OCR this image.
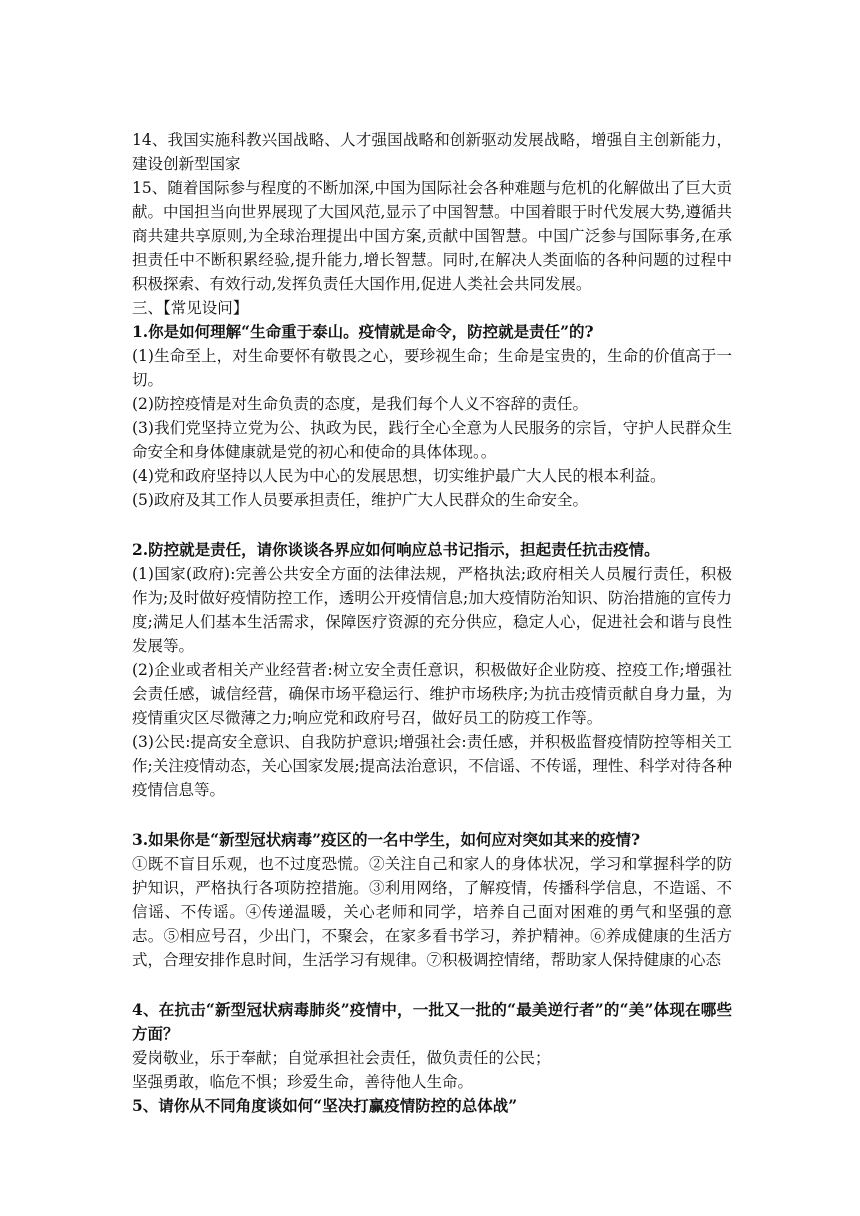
14、我国实施科教兴国战略、人才强国战略和创新驱动发展战略，增强自主创新能力，建设创新型国家

15、随着国际参与程度的不断加深,中国为国际社会各种难题与危机的化解做出了巨大贡献。中国担当向世界展现了大国风范,显示了中国智慧。中国着眼于时代发展大势,遵循共商共建共享原则,为全球治理提出中国方案,贡献中国智慧。中国广泛参与国际事务,在承担责任中不断积累经验,提升能力,增长智慧。同时,在解决人类面临的各种问题的过程中积极探索、有效行动,发挥负责任大国作用,促进人类社会共同发展。

三、【常见设问】

1.你是如何理解“生命重于泰山。疫情就是命令，防控就是责任”的?

(1)生命至上，对生命要怀有敬畏之心，要珍视生命；生命是宝贵的，生命的价值高于一切。

(2)防控疫情是对生命负责的态度，是我们每个人义不容辞的责任。

(3)我们党坚持立党为公、执政为民，践行全心全意为人民服务的宗旨，守护人民群众生命安全和身体健康就是党的初心和使命的具体体现。。

(4)党和政府坚持以人民为中心的发展思想，切实维护最广大人民的根本利益。

(5)政府及其工作人员要承担责任，维护广大人民群众的生命安全。

2.防控就是责任，请你谈谈各界应如何响应总书记指示，担起责任抗击疫情。

(1)国家(政府):完善公共安全方面的法律法规，严格执法;政府相关人员履行责任，积极作为;及时做好疫情防控工作，透明公开疫情信息;加大疫情防治知识、防治措施的宣传力度;满足人们基本生活需求，保障医疗资源的充分供应，稳定人心，促进社会和谐与良性发展等。

(2)企业或者相关产业经营者:树立安全责任意识，积极做好企业防疫、控疫工作;增强社会责任感，诚信经营，确保市场平稳运行、维护市场秩序;为抗击疫情贡献自身力量，为疫情重灾区尽微薄之力;响应党和政府号召，做好员工的防疫工作等。

(3)公民:提高安全意识、自我防护意识;增强社会:责任感，并积极监督疫情防控等相关工作;关注疫情动态，关心国家发展;提高法治意识，不信谣、不传谣，理性、科学对待各种疫情信息等。

3.如果你是“新型冠状病毒”疫区的一名中学生，如何应对突如其来的疫情?

①既不盲目乐观，也不过度恐慌。②关注自己和家人的身体状况，学习和掌握科学的防护知识，严格执行各项防控措施。③利用网络，了解疫情，传播科学信息，不造谣、不信谣、不传谣。④传递温暖，关心老师和同学，培养自己面对困难的勇气和坚强的意志。⑤相应号召，少出门，不聚会，在家多看书学习，养护精神。⑥养成健康的生活方式，合理安排作息时间，生活学习有规律。⑦积极调控情绪，帮助家人保持健康的心态

4、在抗击“新型冠状病毒肺炎”疫情中，一批又一批的“最美逆行者”的“美”体现在哪些方面？

爱岗敬业，乐于奉献；自觉承担社会责任，做负责任的公民；

坚强勇敢，临危不惧；珍爱生命，善待他人生命。

5、请你从不同角度谈如何“坚决打赢疫情防控的总体战”
